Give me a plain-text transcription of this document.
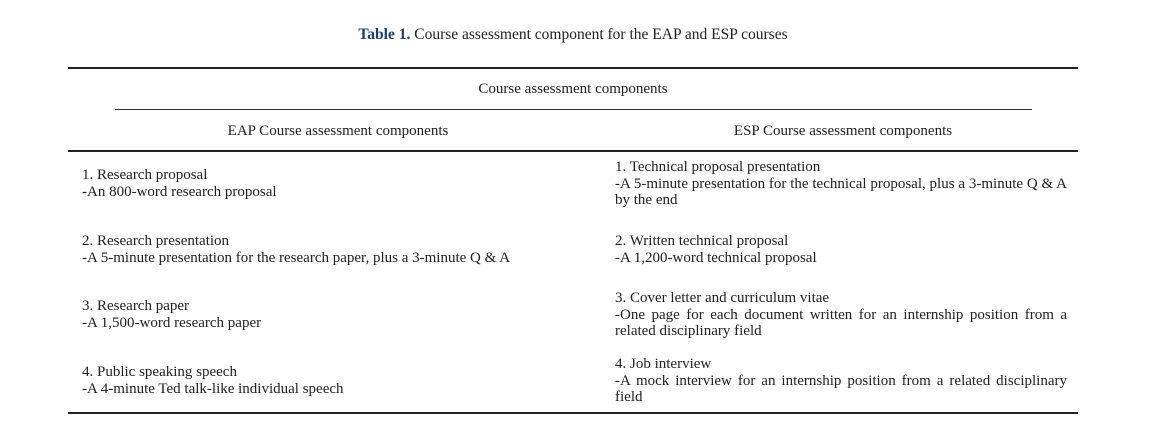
Table 1. Course assessment component for the EAP and ESP courses
Course assessment components
EAP Course assessment components	ESP Course assessment components
1. Research proposal
-An 800-word research proposal
1. Technical proposal presentation
-A 5-minute presentation for the technical proposal, plus a 3-minute Q & A by the end
2. Research presentation
-A 5-minute presentation for the research paper, plus a 3-minute Q & A
2. Written technical proposal
-A 1,200-word technical proposal
3. Research paper
-A 1,500-word research paper
3. Cover letter and curriculum vitae
-One page for each document written for an internship position from a related disciplinary field
4. Public speaking speech
-A 4-minute Ted talk-like individual speech
4. Job interview
-A mock interview for an internship position from a related disciplinary field
